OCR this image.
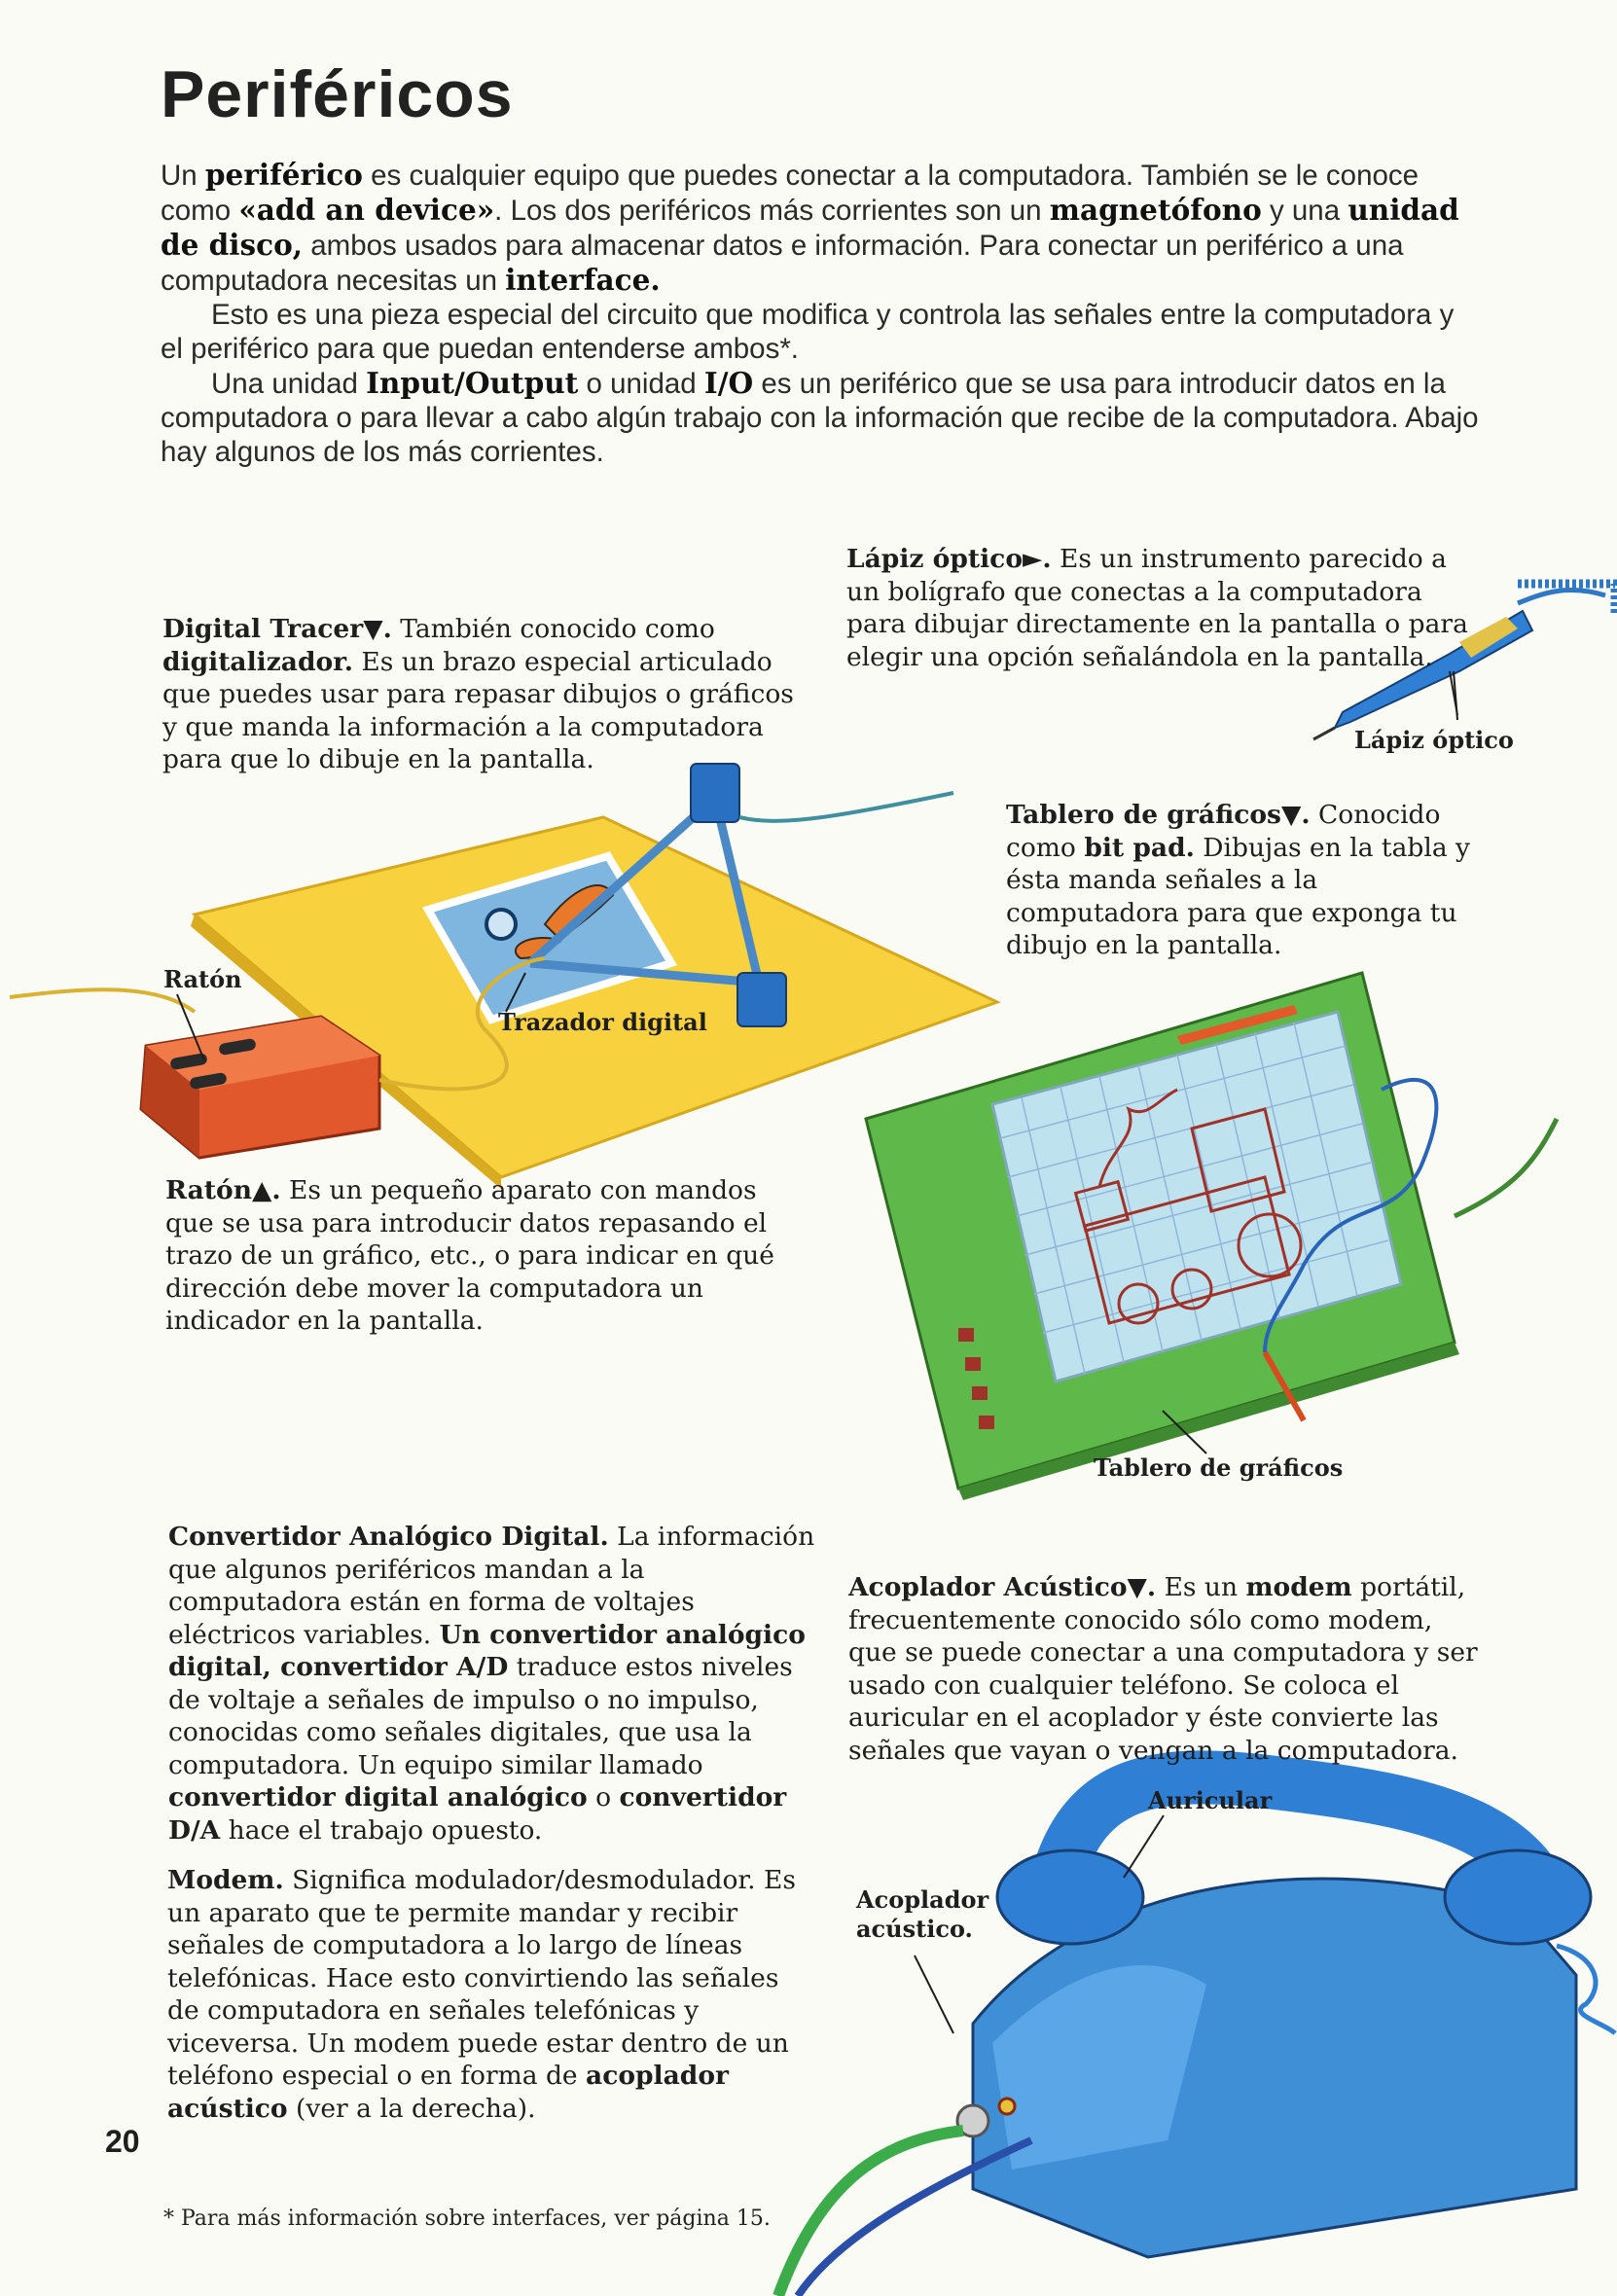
Periféricos

Un periférico es cualquier equipo que puedes conectar a la computadora. También se le conoce como «add an device». Los dos periféricos más corrientes son un magnetófono y una unidad de disco, ambos usados para almacenar datos e información. Para conectar un periférico a una computadora necesitas un interface.

Esto es una pieza especial del circuito que modifica y controla las señales entre la computadora y el periférico para que puedan entenderse ambos*.

Una unidad Input/Output o unidad I/O es un periférico que se usa para introducir datos en la computadora o para llevar a cabo algún trabajo con la información que recibe de la computadora. Abajo hay algunos de los más corrientes.

Lápiz óptico►. Es un instrumento parecido a un bolígrafo que conectas a la computadora para dibujar directamente en la pantalla o para elegir una opción señalándola en la pantalla.
Lápiz óptico
Digital Tracer▼. También conocido como digitalizador. Es un brazo especial articulado que puedes usar para repasar dibujos o gráficos y que manda la información a la computadora para que lo dibuje en la pantalla.
Ratón
Trazador digital
Tablero de gráficos▼. Conocido como bit pad. Dibujas en la tabla y ésta manda señales a la computadora para que exponga tu dibujo en la pantalla.
Tablero de gráficos
Ratón▲. Es un pequeño aparato con mandos que se usa para introducir datos repasando el trazo de un gráfico, etc., o para indicar en qué dirección debe mover la computadora un indicador en la pantalla.
Convertidor Analógico Digital. La información que algunos periféricos mandan a la computadora están en forma de voltajes eléctricos variables. Un convertidor analógico digital, convertidor A/D traduce estos niveles de voltaje a señales de impulso o no impulso, conocidas como señales digitales, que usa la computadora. Un equipo similar llamado convertidor digital analógico o convertidor D/A hace el trabajo opuesto.
Acoplador Acústico▼. Es un modem portátil, frecuentemente conocido sólo como modem, que se puede conectar a una computadora y ser usado con cualquier teléfono. Se coloca el auricular en el acoplador y éste convierte las señales que vayan o vengan a la computadora.
Auricular
Acoplador
acústico.
Modem. Significa modulador/desmodulador. Es un aparato que te permite mandar y recibir señales de computadora a lo largo de líneas telefónicas. Hace esto convirtiendo las señales de computadora en señales telefónicas y viceversa. Un modem puede estar dentro de un teléfono especial o en forma de acoplador acústico (ver a la derecha).
20
* Para más información sobre interfaces, ver página 15.
